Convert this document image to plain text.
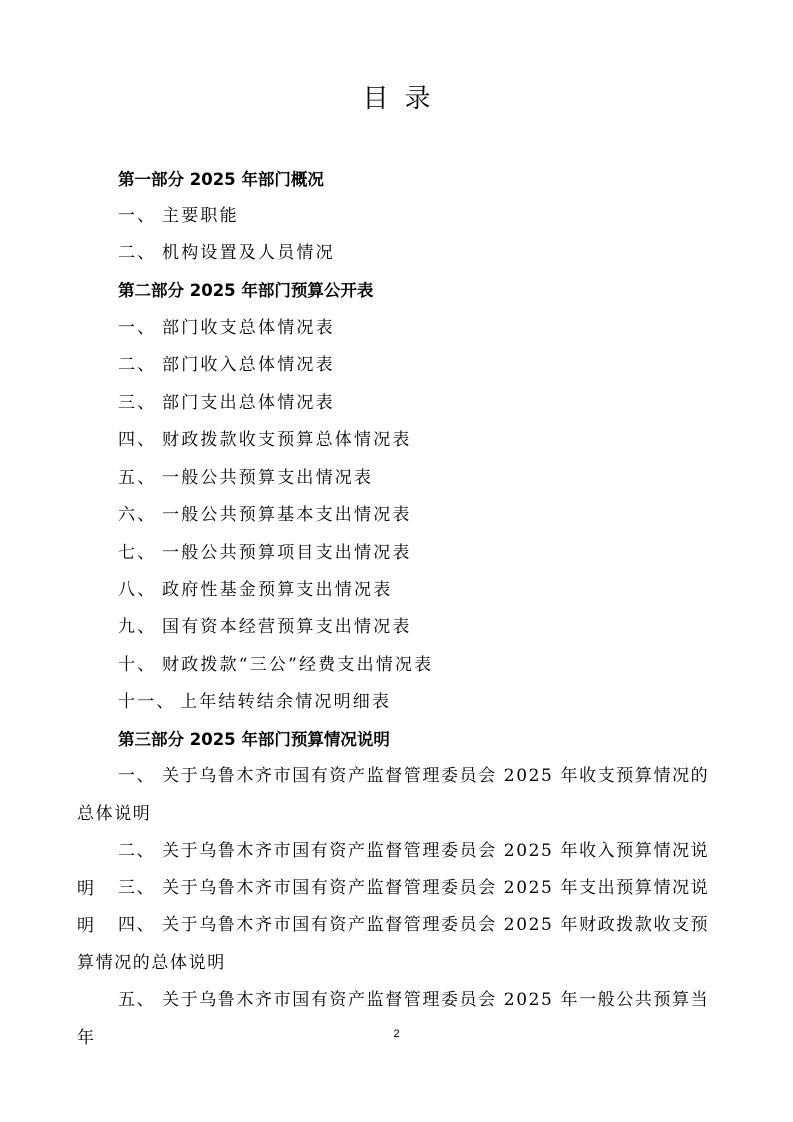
目录
第一部分 2025 年部门概况
一、 主要职能
二、 机构设置及人员情况
第二部分 2025 年部门预算公开表
一、 部门收支总体情况表
二、 部门收入总体情况表
三、 部门支出总体情况表
四、 财政拨款收支预算总体情况表
五、 一般公共预算支出情况表
六、 一般公共预算基本支出情况表
七、 一般公共预算项目支出情况表
八、 政府性基金预算支出情况表
九、 国有资本经营预算支出情况表
十、 财政拨款“三公”经费支出情况表
十一、 上年结转结余情况明细表
第三部分 2025 年部门预算情况说明
一、 关于乌鲁木齐市国有资产监督管理委员会 2025 年收支预算情况的总体说明
二、 关于乌鲁木齐市国有资产监督管理委员会 2025 年收入预算情况说明	三、 关于乌鲁木齐市国有资产监督管理委员会 2025 年支出预算情况说明	四、 关于乌鲁木齐市国有资产监督管理委员会 2025 年财政拨款收支预算情况的总体说明
五、 关于乌鲁木齐市国有资产监督管理委员会 2025 年一般公共预算当年	2
